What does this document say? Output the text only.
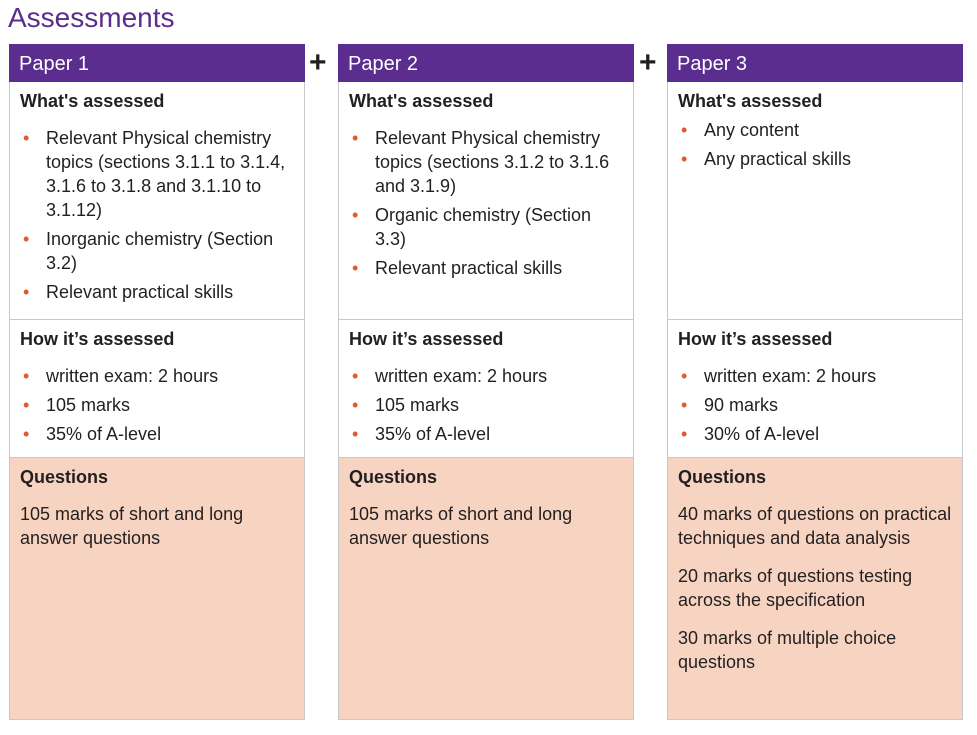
Assessments
+	+
Paper 1
What's assessed
• Relevant Physical chemistry topics (sections 3.1.1 to 3.1.4, 3.1.6 to 3.1.8 and 3.1.10 to 3.1.12)
• Inorganic chemistry (Section 3.2)
• Relevant practical skills
How it’s assessed
• written exam: 2 hours
• 105 marks
• 35% of A-level
Questions

105 marks of short and long answer questions

Paper 2
What's assessed
• Relevant Physical chemistry topics (sections 3.1.2 to 3.1.6 and 3.1.9)
• Organic chemistry (Section 3.3)
• Relevant practical skills
How it’s assessed
• written exam: 2 hours
• 105 marks
• 35% of A-level
Questions

105 marks of short and long answer questions

Paper 3
What's assessed
• Any content
• Any practical skills
How it’s assessed
• written exam: 2 hours
• 90 marks
• 30% of A-level
Questions

40 marks of questions on practical techniques and data analysis

20 marks of questions testing across the specification

30 marks of multiple choice questions
